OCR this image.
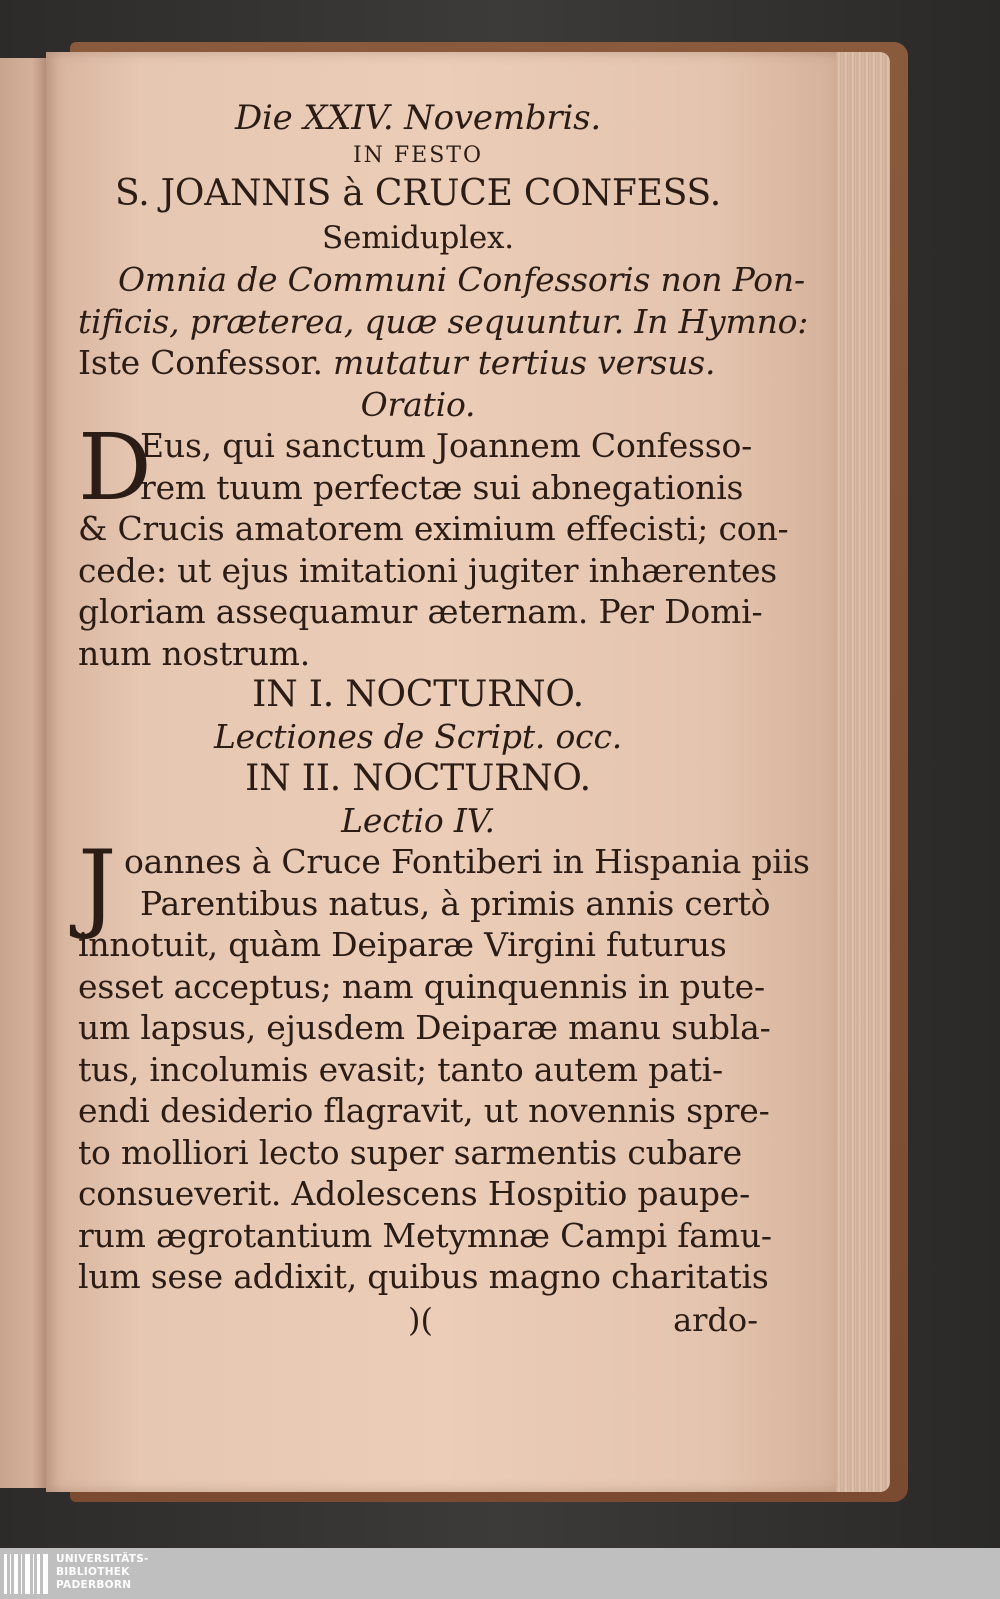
Die XXIV. Novembris.
IN FESTO
S. JOANNIS à CRUCE CONFESS.
Semiduplex.
Omnia de Communi Confessoris non Pon-
tificis, præterea, quæ sequuntur. In Hymno:
Iste Confessor. mutatur tertius versus.
Oratio.
D
Eus, qui sanctum Joannem Confesso-
rem tuum perfectæ sui abnegationis
& Crucis amatorem eximium effecisti; con-
cede: ut ejus imitationi jugiter inhærentes
gloriam assequamur æternam. Per Domi-
num nostrum.
IN I. NOCTURNO.
Lectiones de Script. occ.
IN II. NOCTURNO.
Lectio IV.
J oannes à Cruce Fontiberi in Hispania piis
Parentibus natus, à primis annis certò
innotuit, quàm Deiparæ Virgini futurus
esset acceptus; nam quinquennis in pute-
um lapsus, ejusdem Deiparæ manu subla-
tus, incolumis evasit; tanto autem pati-
endi desiderio flagravit, ut novennis spre-
to molliori lecto super sarmentis cubare
consueverit. Adolescens Hospitio paupe-
rum ægrotantium Metymnæ Campi famu-
lum sese addixit, quibus magno charitatis
)(	ardo-
UNIVERSITÄTS-
BIBLIOTHEK
PADERBORN
